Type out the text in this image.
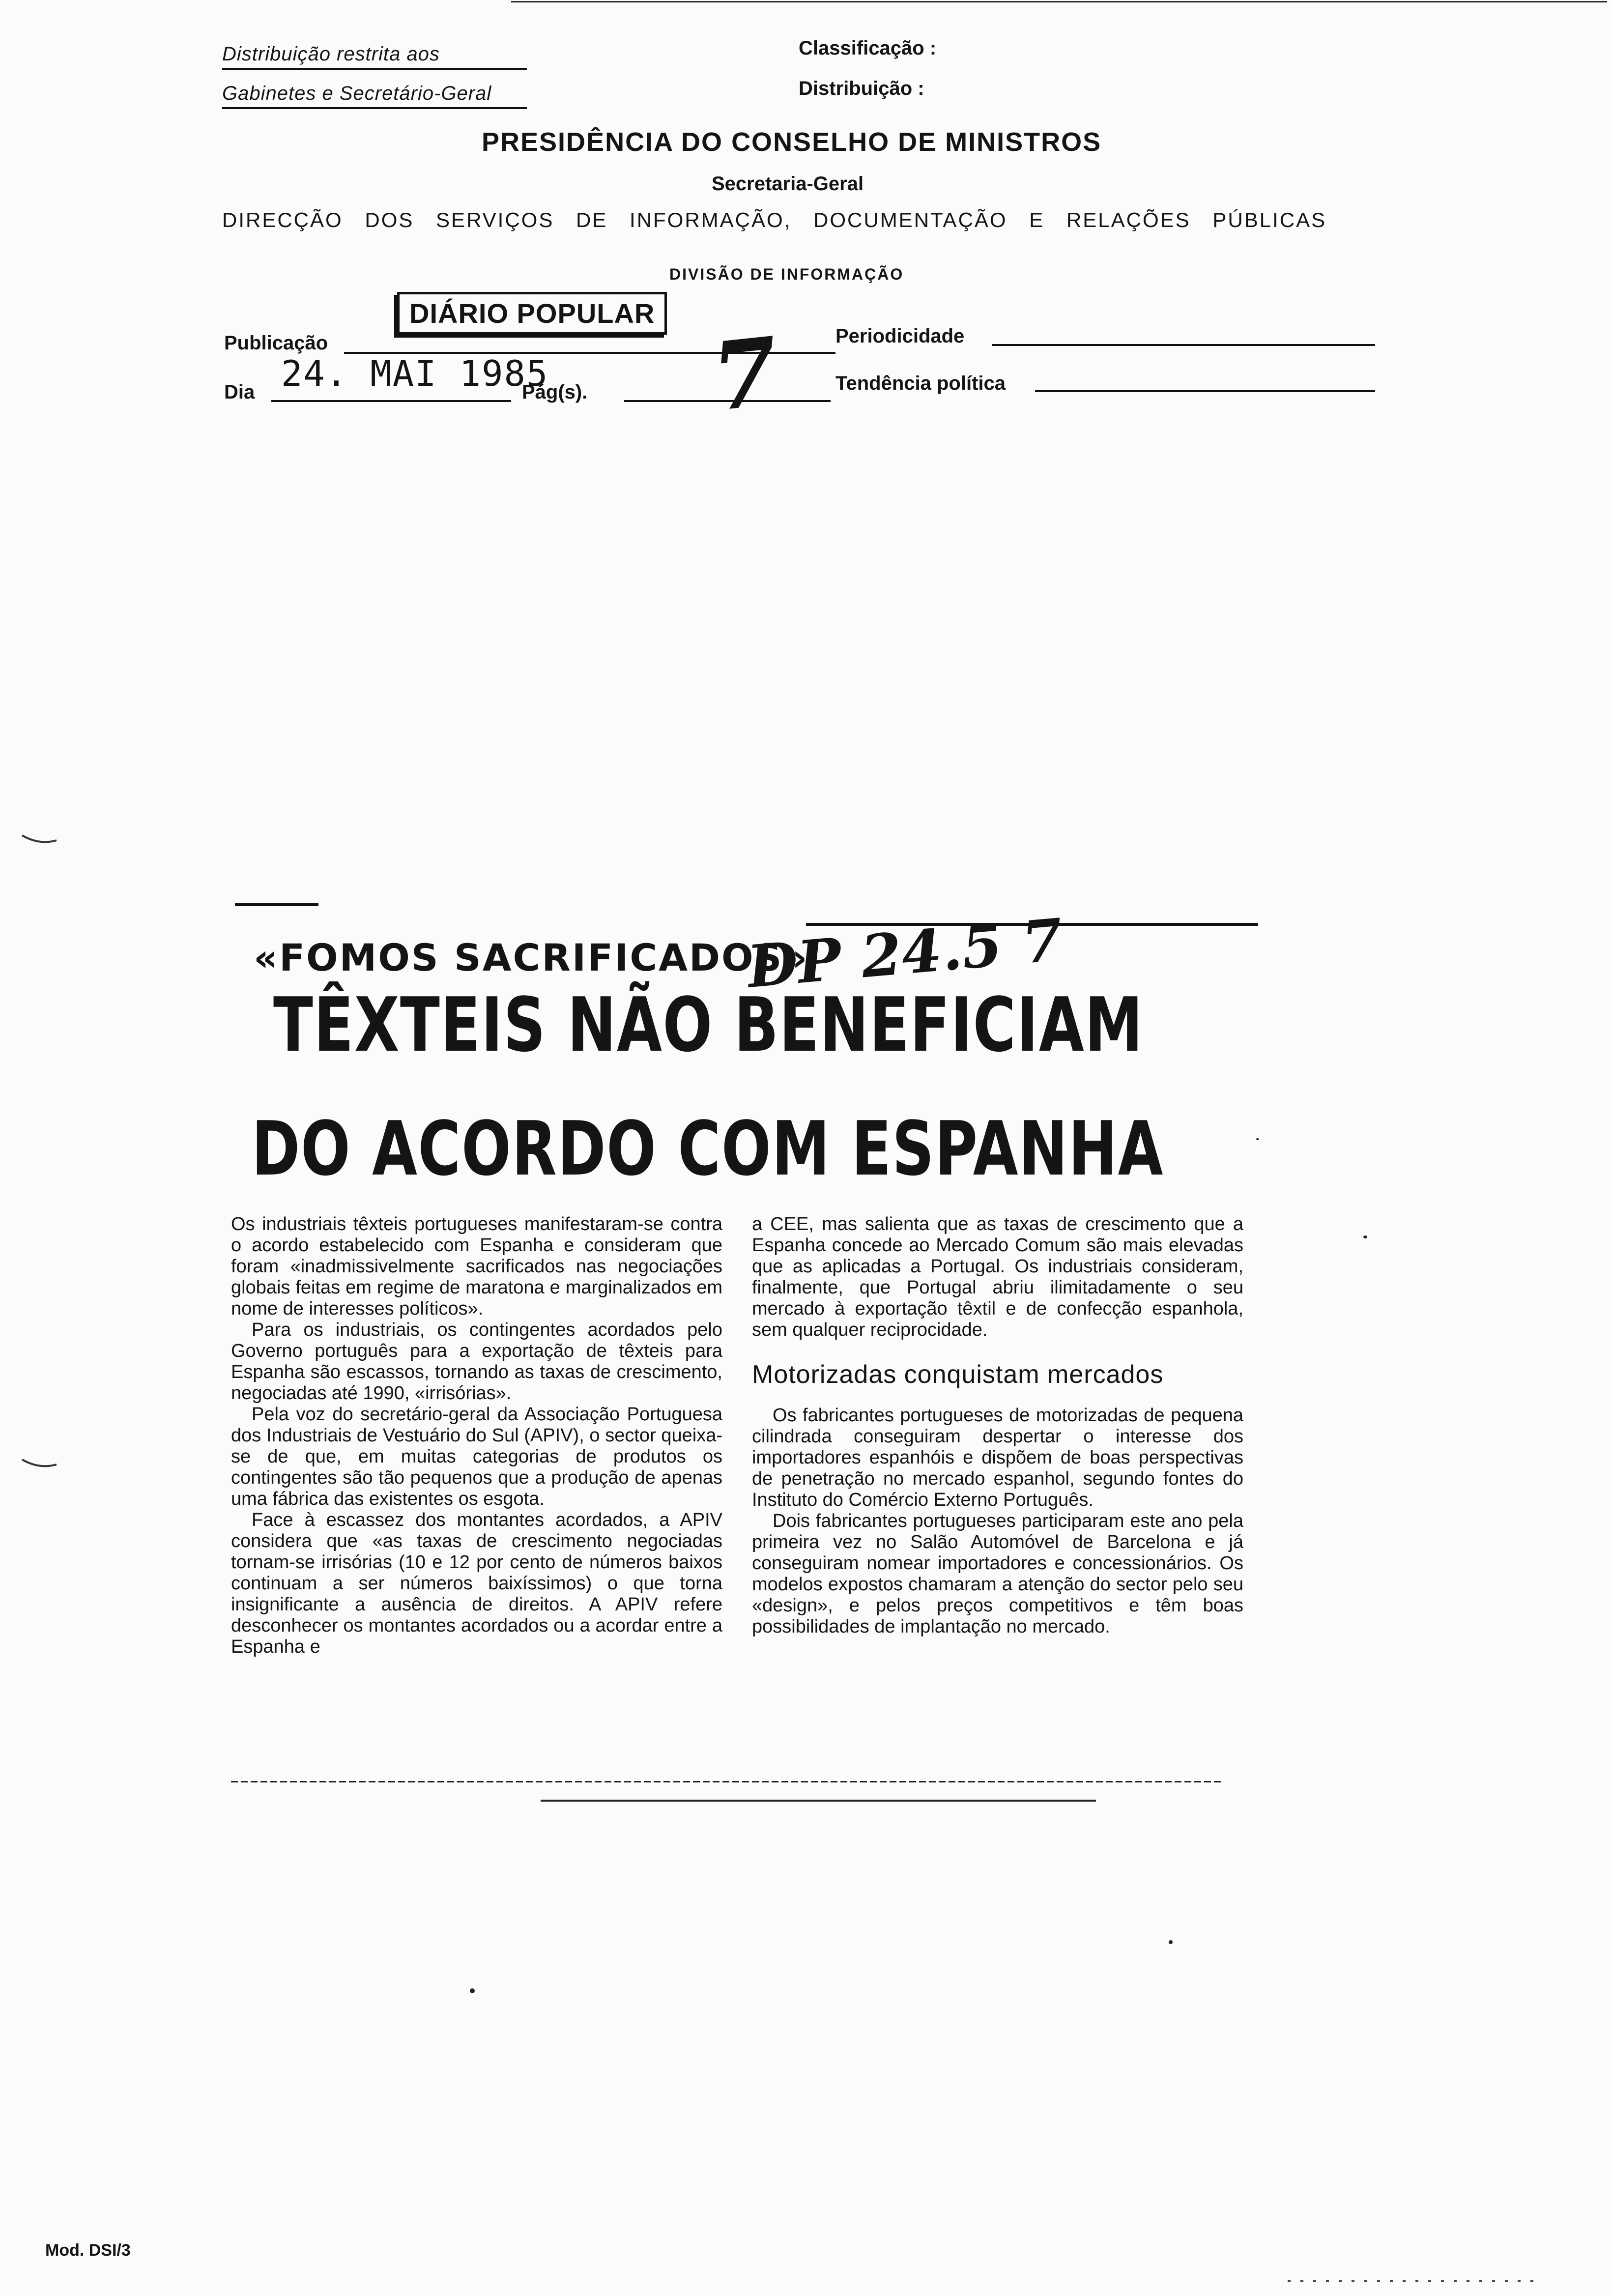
Distribuição restrita aos
Gabinetes e Secretário-Geral
Classificação :
Distribuição :
PRESIDÊNCIA DO CONSELHO DE MINISTROS
Secretaria-Geral
DIRECÇÃO DOS SERVIÇOS DE INFORMAÇÃO, DOCUMENTAÇÃO E RELAÇÕES PÚBLICAS
DIVISÃO DE INFORMAÇÃO
DIÁRIO POPULAR
Publicação
Dia 24. MAI 1985
Pág(s). 7	Periodicidade
Tendência política
«FOMOS SACRIFICADOS»
DP 24.5 7
TÊXTEIS NÃO BENEFICIAM
DO ACORDO COM ESPANHA

Os industriais têxteis portugueses manifestaram-se contra o acordo estabelecido com Espanha e consideram que foram «inadmissivelmente sacrificados nas negociações globais feitas em regime de maratona e marginalizados em nome de interesses políticos».

Para os industriais, os contingentes acordados pelo Governo português para a exportação de têxteis para Espanha são escassos, tornando as taxas de crescimento, negociadas até 1990, «irrisórias».

Pela voz do secretário-geral da Associação Portuguesa dos Industriais de Vestuário do Sul (APIV), o sector queixa-se de que, em muitas categorias de produtos os contingentes são tão pequenos que a produção de apenas uma fábrica das existentes os esgota.

Face à escassez dos montantes acordados, a APIV considera que «as taxas de crescimento negociadas tornam-se irrisórias (10 e 12 por cento de números baixos continuam a ser números baixíssimos) o que torna insignificante a ausência de direitos. A APIV refere desconhecer os montantes acordados ou a acordar entre a Espanha e

a CEE, mas salienta que as taxas de crescimento que a Espanha concede ao Mercado Comum são mais elevadas que as aplicadas a Portugal. Os industriais consideram, finalmente, que Portugal abriu ilimitadamente o seu mercado à exportação têxtil e de confecção espanhola, sem qualquer reciprocidade.

Motorizadas conquistam mercados

Os fabricantes portugueses de motorizadas de pequena cilindrada conseguiram despertar o interesse dos importadores espanhóis e dispõem de boas perspectivas de penetração no mercado espanhol, segundo fontes do Instituto do Comércio Externo Português.

Dois fabricantes portugueses participaram este ano pela primeira vez no Salão Automóvel de Barcelona e já conseguiram nomear importadores e concessionários. Os modelos expostos chamaram a atenção do sector pelo seu «design», e pelos preços competitivos e têm boas possibilidades de implantação no mercado.

Mod. DSI/3
